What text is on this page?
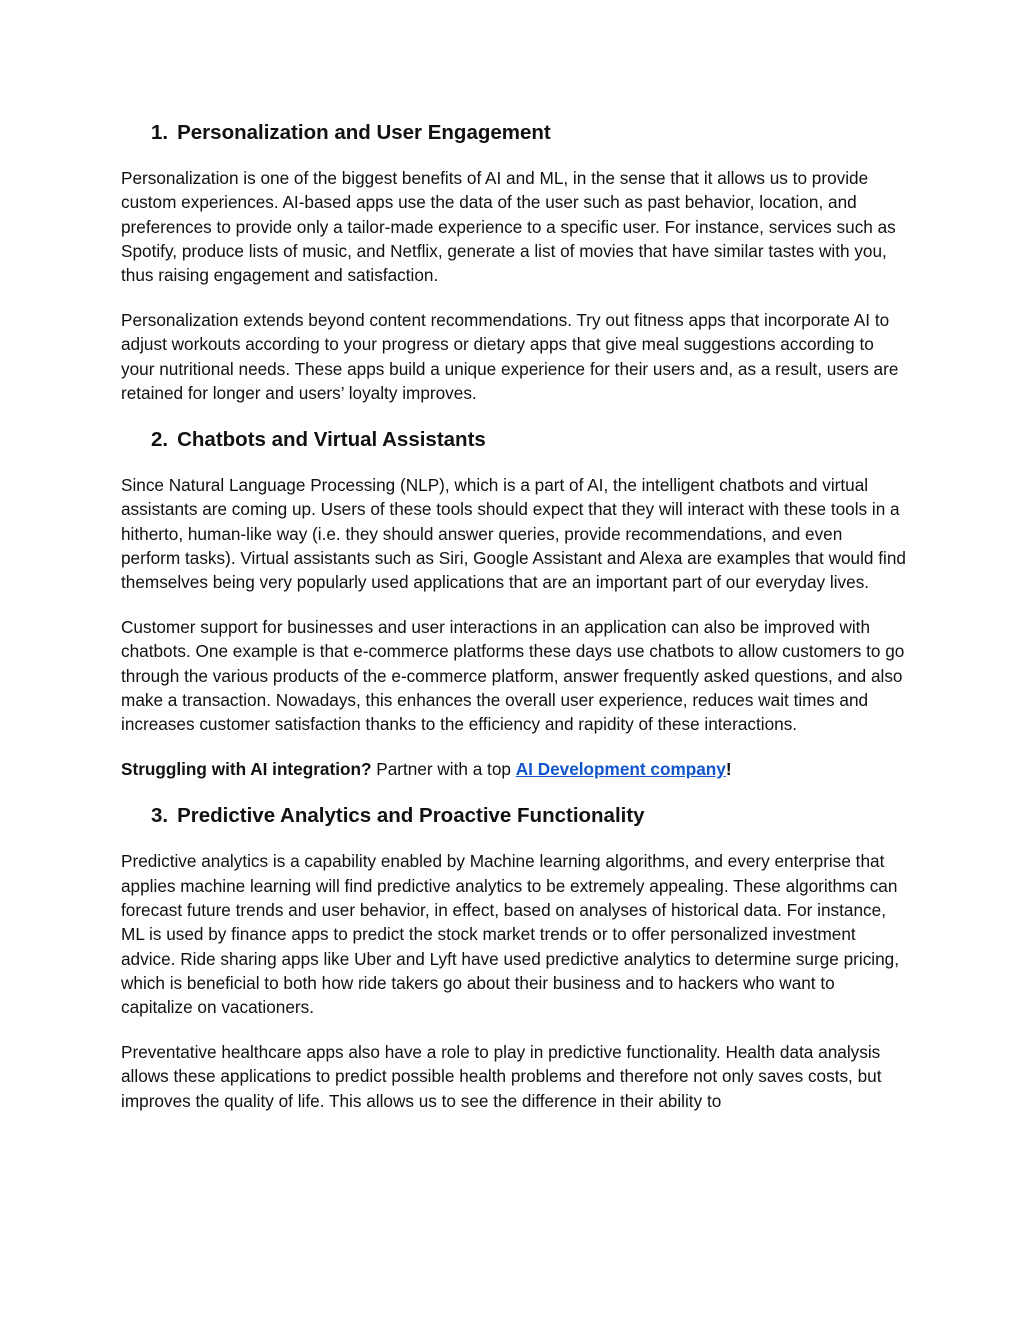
1. Personalization and User Engagement

Personalization is one of the biggest benefits of AI and ML, in the sense that it allows us to provide custom experiences. AI-based apps use the data of the user such as past behavior, location, and preferences to provide only a tailor-made experience to a specific user. For instance, services such as Spotify, produce lists of music, and Netflix, generate a list of movies that have similar tastes with you, thus raising engagement and satisfaction.

Personalization extends beyond content recommendations. Try out fitness apps that incorporate AI to adjust workouts according to your progress or dietary apps that give meal suggestions according to your nutritional needs. These apps build a unique experience for their users and, as a result, users are retained for longer and users’ loyalty improves.

2. Chatbots and Virtual Assistants

Since Natural Language Processing (NLP), which is a part of AI, the intelligent chatbots and virtual assistants are coming up. Users of these tools should expect that they will interact with these tools in a hitherto, human-like way (i.e. they should answer queries, provide recommendations, and even perform tasks). Virtual assistants such as Siri, Google Assistant and Alexa are examples that would find themselves being very popularly used applications that are an important part of our everyday lives.

Customer support for businesses and user interactions in an application can also be improved with chatbots. One example is that e-commerce platforms these days use chatbots to allow customers to go through the various products of the e-commerce platform, answer frequently asked questions, and also make a transaction. Nowadays, this enhances the overall user experience, reduces wait times and increases customer satisfaction thanks to the efficiency and rapidity of these interactions.

Struggling with AI integration? Partner with a top AI Development company!

3. Predictive Analytics and Proactive Functionality

Predictive analytics is a capability enabled by Machine learning algorithms, and every enterprise that applies machine learning will find predictive analytics to be extremely appealing. These algorithms can forecast future trends and user behavior, in effect, based on analyses of historical data. For instance, ML is used by finance apps to predict the stock market trends or to offer personalized investment advice. Ride sharing apps like Uber and Lyft have used predictive analytics to determine surge pricing, which is beneficial to both how ride takers go about their business and to hackers who want to capitalize on vacationers.

Preventative healthcare apps also have a role to play in predictive functionality. Health data analysis allows these applications to predict possible health problems and therefore not only saves costs, but improves the quality of life. This allows us to see the difference in their ability to
